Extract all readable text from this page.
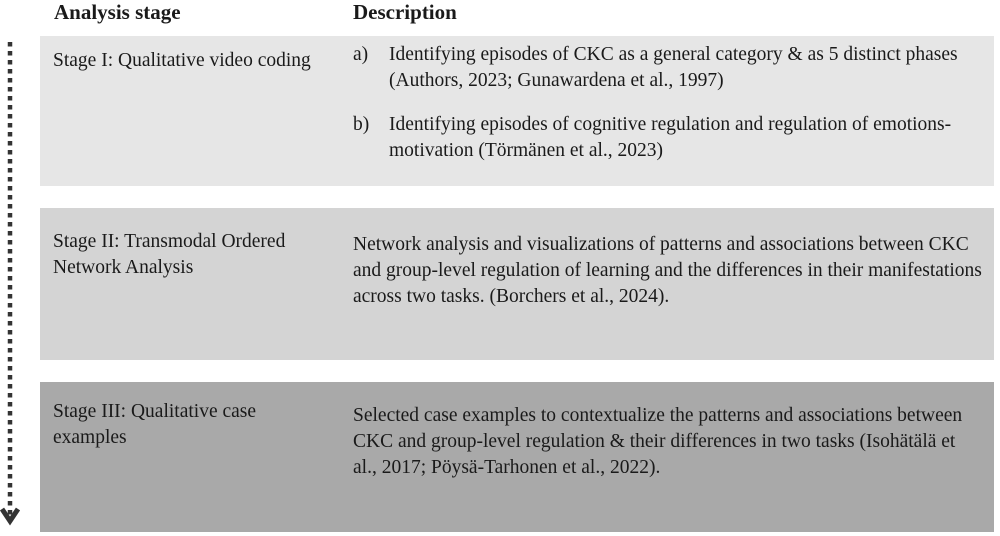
Analysis stage	Description
Stage I: Qualitative video coding	a) Identifying episodes of CKC as a general category & as 5 distinct phases (Authors, 2023; Gunawardena et al., 1997)
b) Identifying episodes of cognitive regulation and regulation of emotions-motivation (Törmänen et al., 2023)
Stage II: Transmodal Ordered Network Analysis
Network analysis and visualizations of patterns and associations between CKC and group-level regulation of learning and the differences in their manifestations across two tasks. (Borchers et al., 2024).
Stage III: Qualitative case examples
Selected case examples to contextualize the patterns and associations between CKC and group-level regulation & their differences in two tasks (Isohätälä et al., 2017; Pöysä-Tarhonen et al., 2022).
